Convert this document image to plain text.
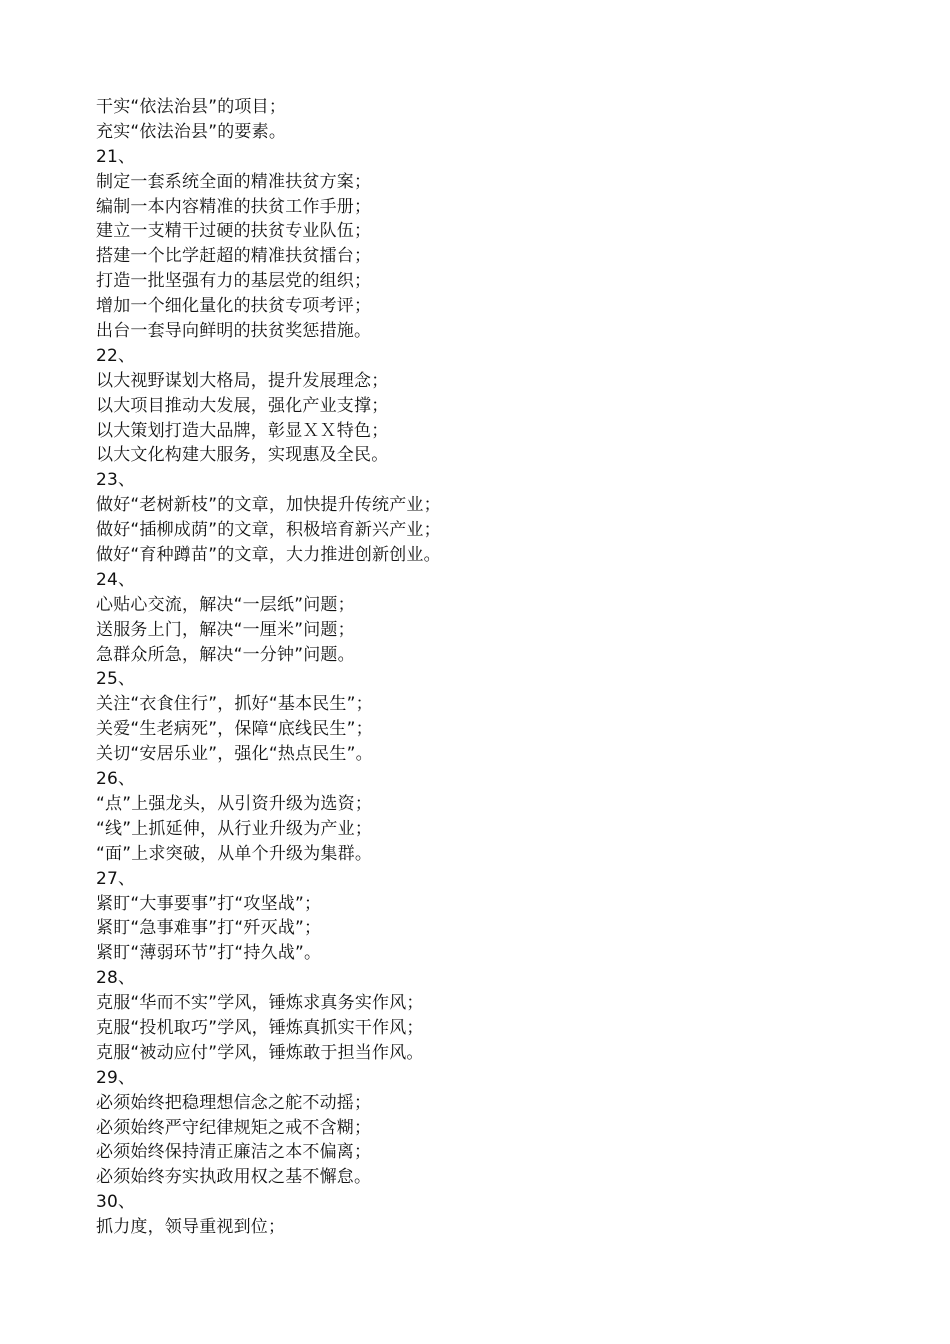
干实“依法治县”的项目；
充实“依法治县”的要素。
21、
制定一套系统全面的精准扶贫方案；
编制一本内容精准的扶贫工作手册；
建立一支精干过硬的扶贫专业队伍；
搭建一个比学赶超的精准扶贫擂台；
打造一批坚强有力的基层党的组织；
增加一个细化量化的扶贫专项考评；
出台一套导向鲜明的扶贫奖惩措施。
22、
以大视野谋划大格局，提升发展理念；
以大项目推动大发展，强化产业支撑；
以大策划打造大品牌，彰显ＸＸ特色；
以大文化构建大服务，实现惠及全民。
23、
做好“老树新枝”的文章，加快提升传统产业；
做好“插柳成荫”的文章，积极培育新兴产业；
做好“育种蹲苗”的文章，大力推进创新创业。
24、
心贴心交流，解决“一层纸”问题；
送服务上门，解决“一厘米”问题；
急群众所急，解决“一分钟”问题。
25、
关注“衣食住行”，抓好“基本民生”；
关爱“生老病死”，保障“底线民生”；
关切“安居乐业”，强化“热点民生”。
26、
“点”上强龙头，从引资升级为选资；
“线”上抓延伸，从行业升级为产业；
“面”上求突破，从单个升级为集群。
27、
紧盯“大事要事”打“攻坚战”；
紧盯“急事难事”打“歼灭战”；
紧盯“薄弱环节”打“持久战”。
28、
克服“华而不实”学风，锤炼求真务实作风；
克服“投机取巧”学风，锤炼真抓实干作风；
克服“被动应付”学风，锤炼敢于担当作风。
29、
必须始终把稳理想信念之舵不动摇；
必须始终严守纪律规矩之戒不含糊；
必须始终保持清正廉洁之本不偏离；
必须始终夯实执政用权之基不懈怠。
30、
抓力度，领导重视到位；
